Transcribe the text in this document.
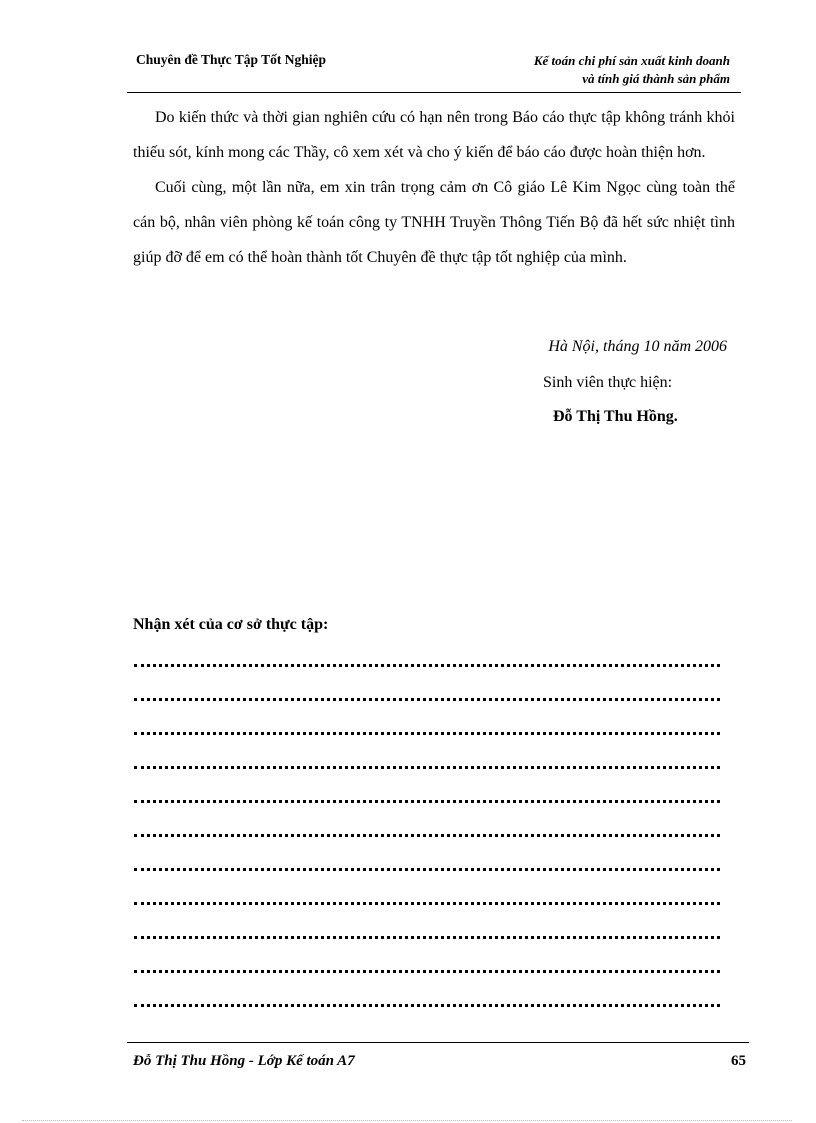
Chuyên đề Thực Tập Tốt Nghiệp	Kế toán chi phí sản xuất kinh doanh
và tính giá thành sản phẩm

Do kiến thức và thời gian nghiên cứu có hạn nên trong Báo cáo thực tập không tránh khỏi thiếu sót, kính mong các Thầy, cô xem xét và cho ý kiến để báo cáo được hoàn thiện hơn.

Cuối cùng, một lần nữa, em xin trân trọng cảm ơn Cô giáo Lê Kim Ngọc cùng toàn thể cán bộ, nhân viên phòng kế toán công ty TNHH Truyền Thông Tiến Bộ đã hết sức nhiệt tình giúp đỡ để em có thể hoàn thành tốt Chuyên đề thực tập tốt nghiệp của mình.

Hà Nội, tháng 10 năm 2006
Sinh viên thực hiện:
Đỗ Thị Thu Hồng.
Nhận xét của cơ sở thực tập:
Đỗ Thị Thu Hồng - Lớp Kế toán A7	65
